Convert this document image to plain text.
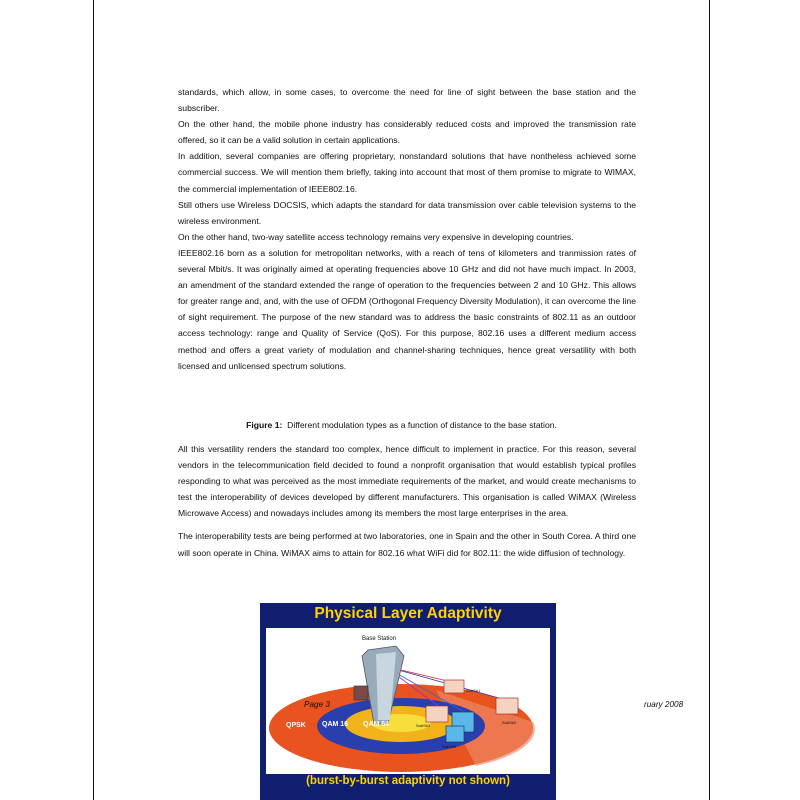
standards, which allow, in some cases, to overcome the need for line of sight between the base station and the subscriber.

On the other hand, the mobile phone industry has considerably reduced costs and improved the transmission rate offered, so it can be a valid solution in certain applications.

In addition, several companies are offering proprietary, nonstandard solutions that have nontheless achieved some commercial success. We will mention them briefly, taking into account that most of them promise to migrate to WIMAX, the commercial implementation of IEEE802.16.

Still others use Wireless DOCSIS, which adapts the standard for data transmission over cable television systems to the wireless environment.

On the other hand, two-way satellite access technology remains very expensive in developing countries.

IEEE802.16 born as a solution for metropolitan networks, with a reach of tens of kilometers and tranmission rates of several Mbit/s. It was originally aimed at operating frequencies above 10 GHz and did not have much impact. In 2003, an amendment of the standard extended the range of operation to the frequencies between 2 and 10 GHz. This allows for greater range and, and, with the use of OFDM (Orthogonal Frequency Diversity Modulation), it can overcome the line of sight requirement. The purpose of the new standard was to address the basic constraints of 802.11 as an outdoor access technology: range and Quality of Service (QoS). For this purpose, 802.16 uses a different medium access method and offers a great variety of modulation and channel-sharing techniques, hence great versatility with both licensed and unlicensed spectrum solutions.

Figure 1: Different modulation types as a function of distance to the base station.

All this versatility renders the standard too complex, hence difficult to implement in practice. For this reason, several vendors in the telecommunication field decided to found a nonprofit organisation that would establish typical profiles responding to what was perceived as the most immediate requirements of the market, and would create mechanisms to test the interoperability of devices developed by different manufacturers. This organisation is called WiMAX (Wireless Microwave Access) and nowadays includes among its members the most large enterprises in the area.

The interoperability tests are being performed at two laboratories, one in Spain and the other in South Corea. A third one will soon operate in China. WiMAX aims to attain for 802.16 what WiFi did for 802.11: the wide diffusion of technology.

Physical Layer Adaptivity
Base Station
QPSK QAM 16 QAM 64
SubS#1
SubS#2
SubS#3
SubS#4
(burst-by-burst adaptivity not shown)
Page 3	ruary 2008
